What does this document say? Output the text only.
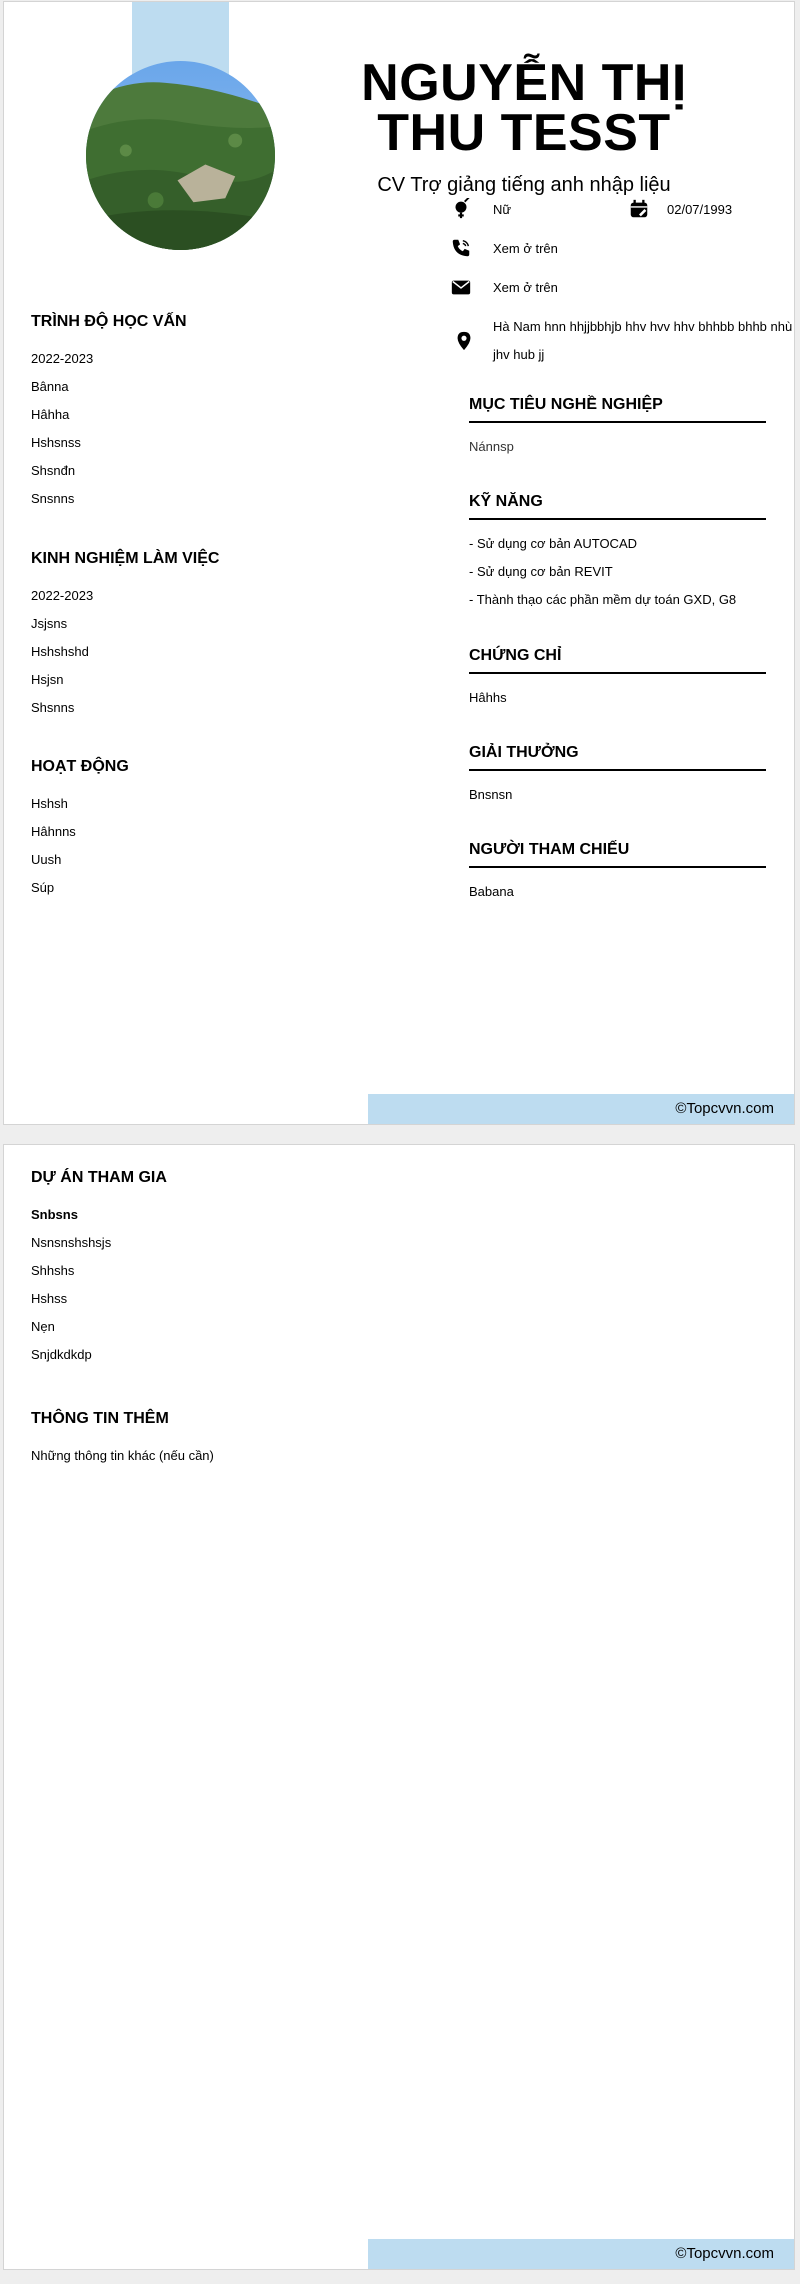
NGUYỄN THỊ
THU TESST
CV Trợ giảng tiếng anh nhập liệu
Nữ	02/07/1993
Xem ở trên
Xem ở trên
Hà Nam hnn hhjjbbhjb hhv hvv hhv bhhbb bhhb nhù jhv hub jj
TRÌNH ĐỘ HỌC VẤN
2022-2023
Bânna
Hâhha
Hshsnss
Shsnđn
Snsnns
KINH NGHIỆM LÀM VIỆC
2022-2023
Jsjsns
Hshshshd
Hsjsn
Shsnns
HOẠT ĐỘNG
Hshsh
Hâhnns
Uush
Súp
MỤC TIÊU NGHỀ NGHIỆP
Nánnsp
KỸ NĂNG
- Sử dụng cơ bản AUTOCAD
- Sử dụng cơ bản REVIT
- Thành thạo các phần mềm dự toán GXD, G8
CHỨNG CHỈ
Hâhhs
GIẢI THƯỞNG
Bnsnsn
NGƯỜI THAM CHIẾU
Babana
©Topcvvn.com
DỰ ÁN THAM GIA
Snbsns
Nsnsnshshsjs
Shhshs
Hshss
Nẹn
Snjdkdkdp
THÔNG TIN THÊM
Những thông tin khác (nếu cần)
©Topcvvn.com
